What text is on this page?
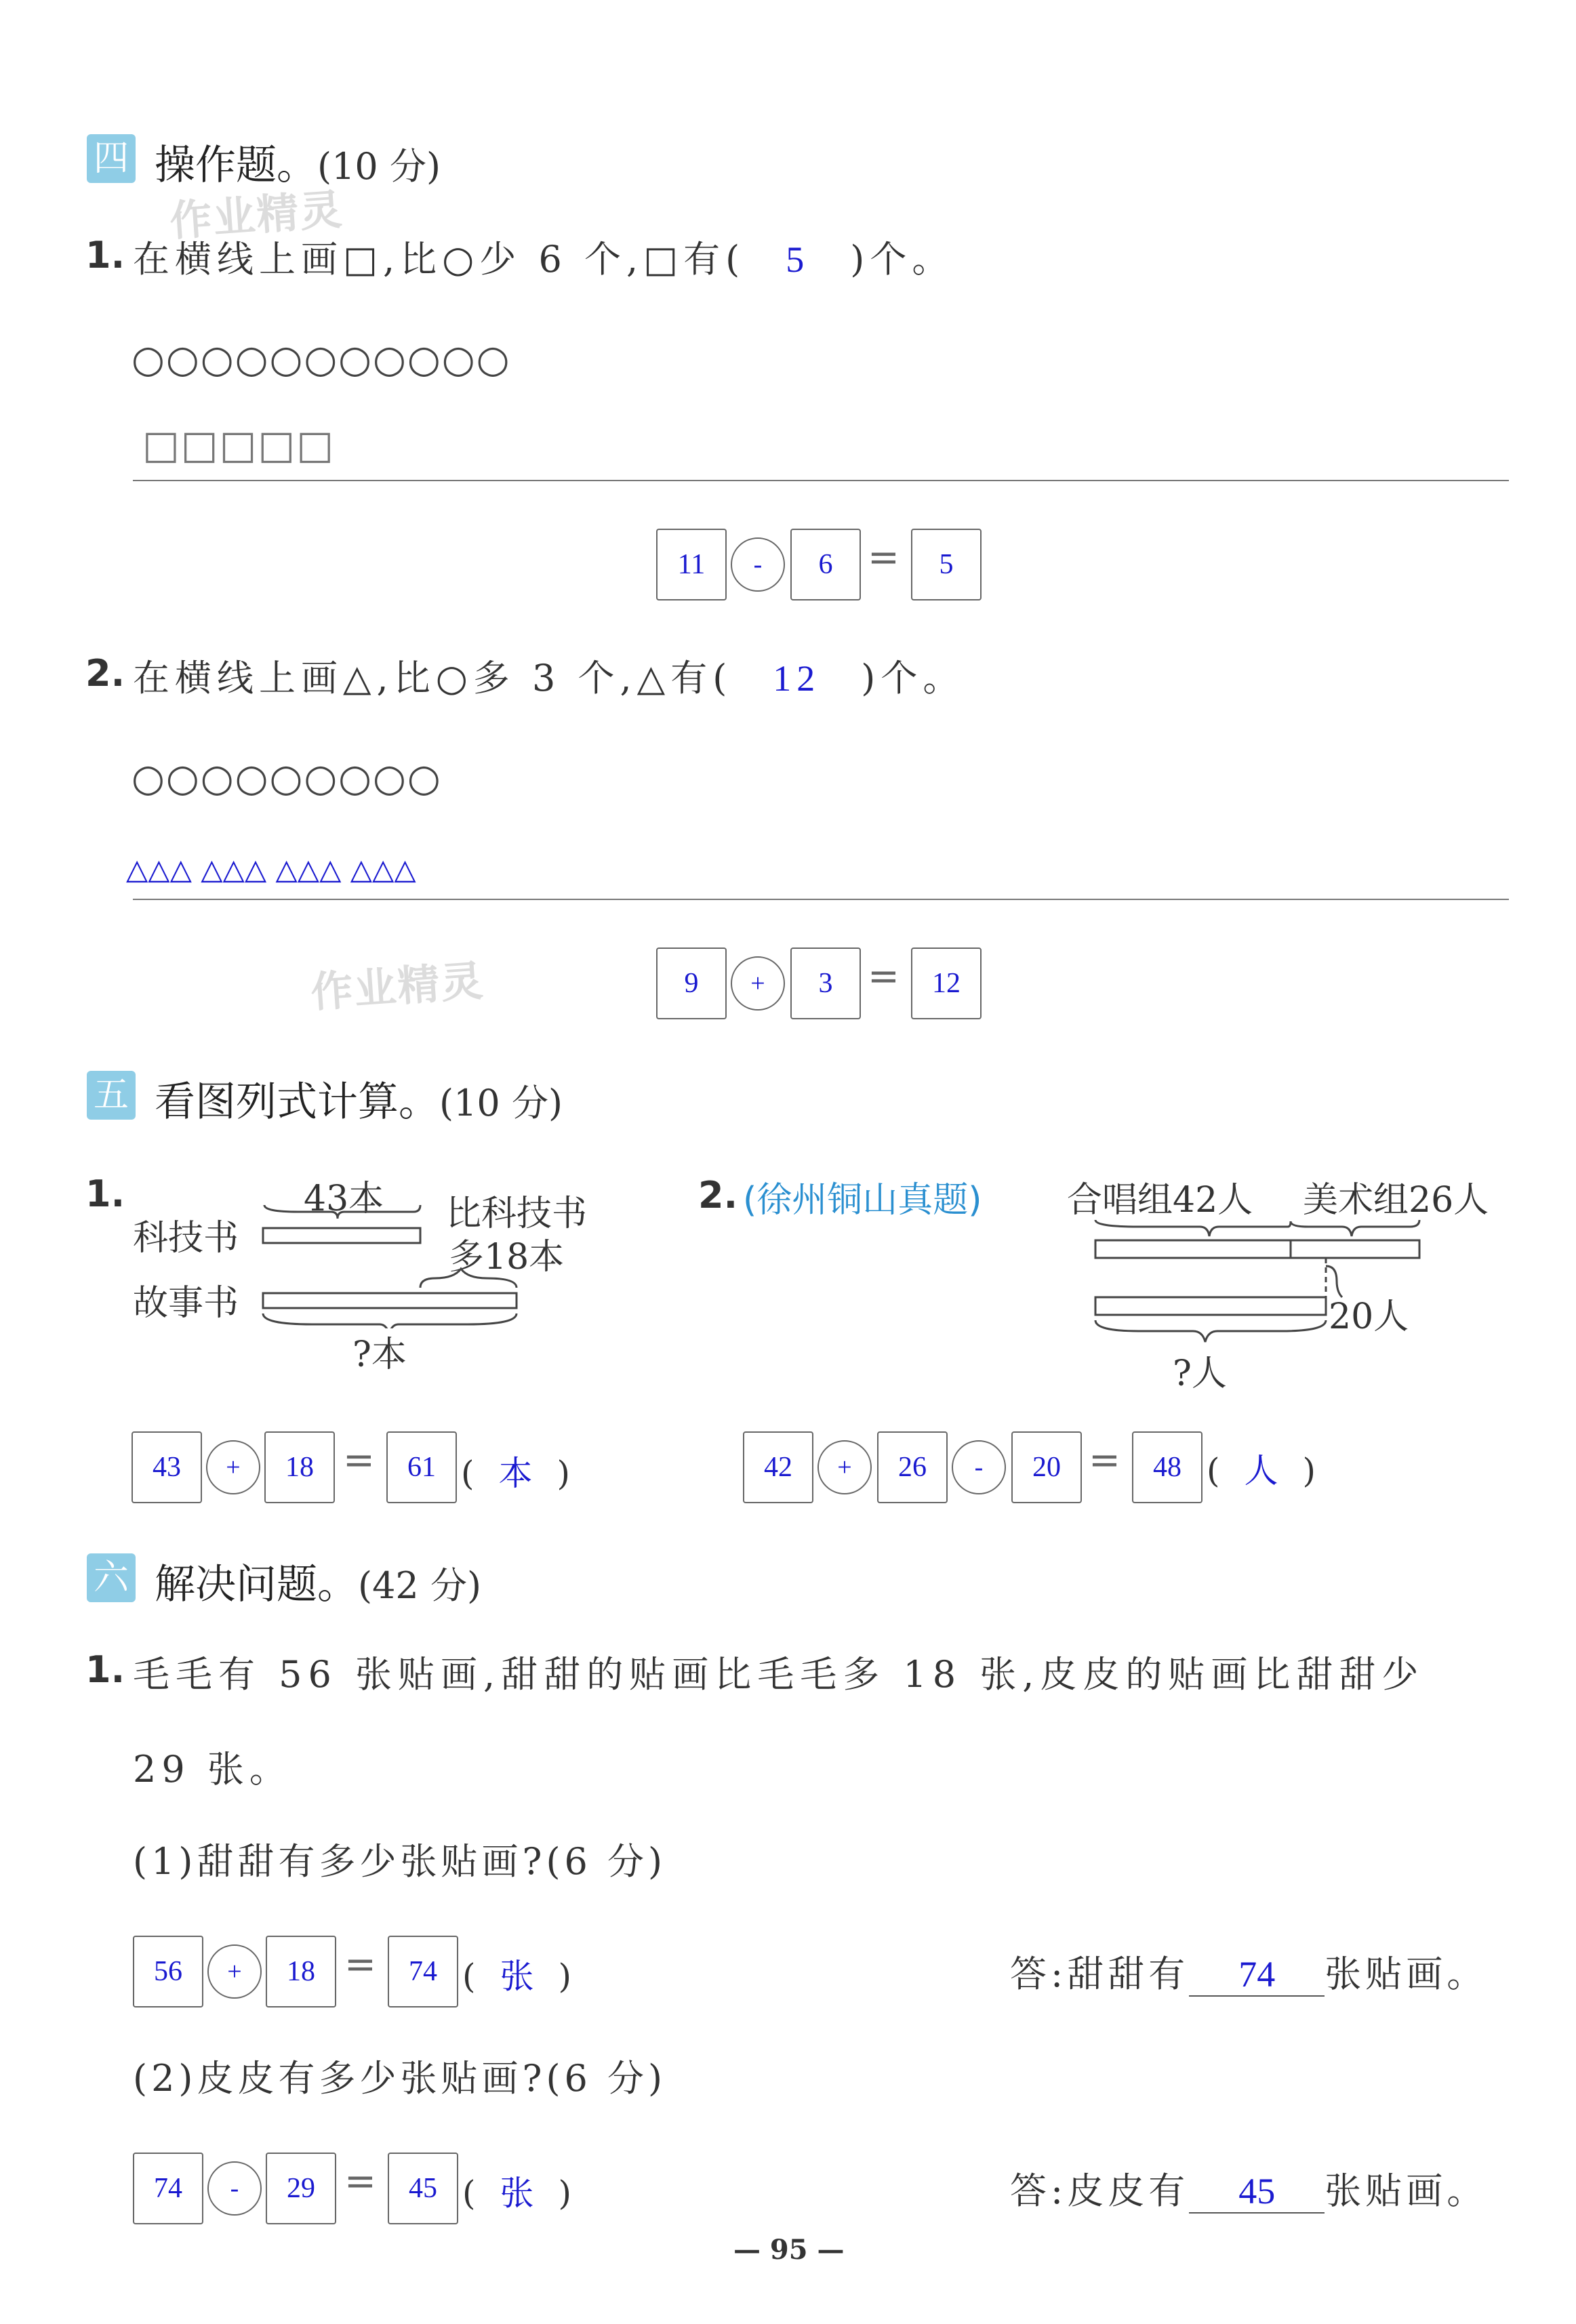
四 操作题。(10 分)
作业精灵
1. 在横线上画□,比○少 6 个,□有( 5 )个。
○○○○○○○○○○○
□□□□□
11	-	6 =	5
2. 在横线上画△,比○多 3 个,△有( 12 )个。
○○○○○○○○○
△△△ △△△ △△△ △△△
作业精灵	9	+	3 =	12
五 看图列式计算。(10 分)
1.	43本
科技书
故事书
比科技书
多18本
?本
2. (徐州铜山真题) 合唱组42人 美术组26人
20人
?人
43	+	18 =	61 ( 本 )	42	+	26	-	20 =	48 ( 人 )
六 解决问题。(42 分)
1. 毛毛有 56 张贴画,甜甜的贴画比毛毛多 18 张,皮皮的贴画比甜甜少
29 张。
(1)甜甜有多少张贴画?(6 分)
56	+	18 =	74 ( 张 )	答:甜甜有 74 张贴画。
(2)皮皮有多少张贴画?(6 分)
74	-	29 =	45 ( 张 )	答:皮皮有 45 张贴画。
— 95 —
